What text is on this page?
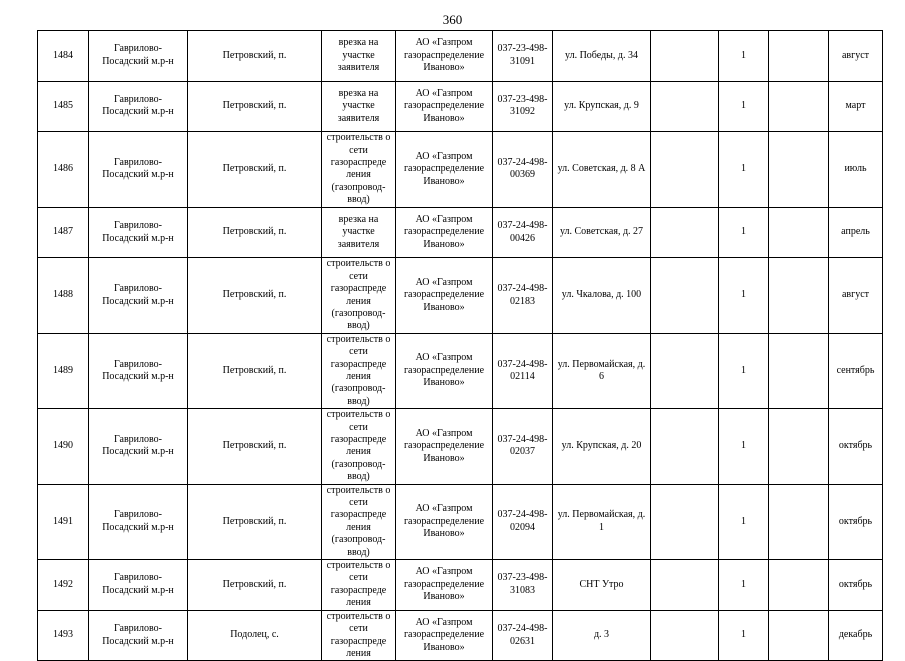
360
1484	Гаврилово-Посадский м.р-н	Петровский, п.	врезка на участке заявителя	АО «Газпром газораспределение Иваново»	037-23-498-31091	ул. Победы, д. 34		1		август	
1485	Гаврилово-Посадский м.р-н	Петровский, п.	врезка на участке заявителя	АО «Газпром газораспределение Иваново»	037-23-498-31092	ул. Крупская, д. 9		1		март	
1486	Гаврилово-Посадский м.р-н	Петровский, п.	строительств о сети газораспреде ления (газопровод-ввод)	АО «Газпром газораспределение Иваново»	037-24-498-00369	ул. Советская, д. 8 А		1		июль	
1487	Гаврилово-Посадский м.р-н	Петровский, п.	врезка на участке заявителя	АО «Газпром газораспределение Иваново»	037-24-498-00426	ул. Советская, д. 27		1		апрель	
1488	Гаврилово-Посадский м.р-н	Петровский, п.	строительств о сети газораспреде ления (газопровод-ввод)	АО «Газпром газораспределение Иваново»	037-24-498-02183	ул. Чкалова, д. 100		1		август	
1489	Гаврилово-Посадский м.р-н	Петровский, п.	строительств о сети газораспреде ления (газопровод-ввод)	АО «Газпром газораспределение Иваново»	037-24-498-02114	ул. Первомайская, д. 6		1		сентябрь	
1490	Гаврилово-Посадский м.р-н	Петровский, п.	строительств о сети газораспреде ления (газопровод-ввод)	АО «Газпром газораспределение Иваново»	037-24-498-02037	ул. Крупская, д. 20		1		октябрь	
1491	Гаврилово-Посадский м.р-н	Петровский, п.	строительств о сети газораспреде ления (газопровод-ввод)	АО «Газпром газораспределение Иваново»	037-24-498-02094	ул. Первомайская, д. 1		1		октябрь	
1492	Гаврилово-Посадский м.р-н	Петровский, п.	строительств о сети газораспреде ления	АО «Газпром газораспределение Иваново»	037-23-498-31083	СНТ Утро		1		октябрь	
1493	Гаврилово-Посадский м.р-н	Подолец, с.	строительств о сети газораспреде ления	АО «Газпром газораспределение Иваново»	037-24-498-02631	д. 3		1		декабрь	
